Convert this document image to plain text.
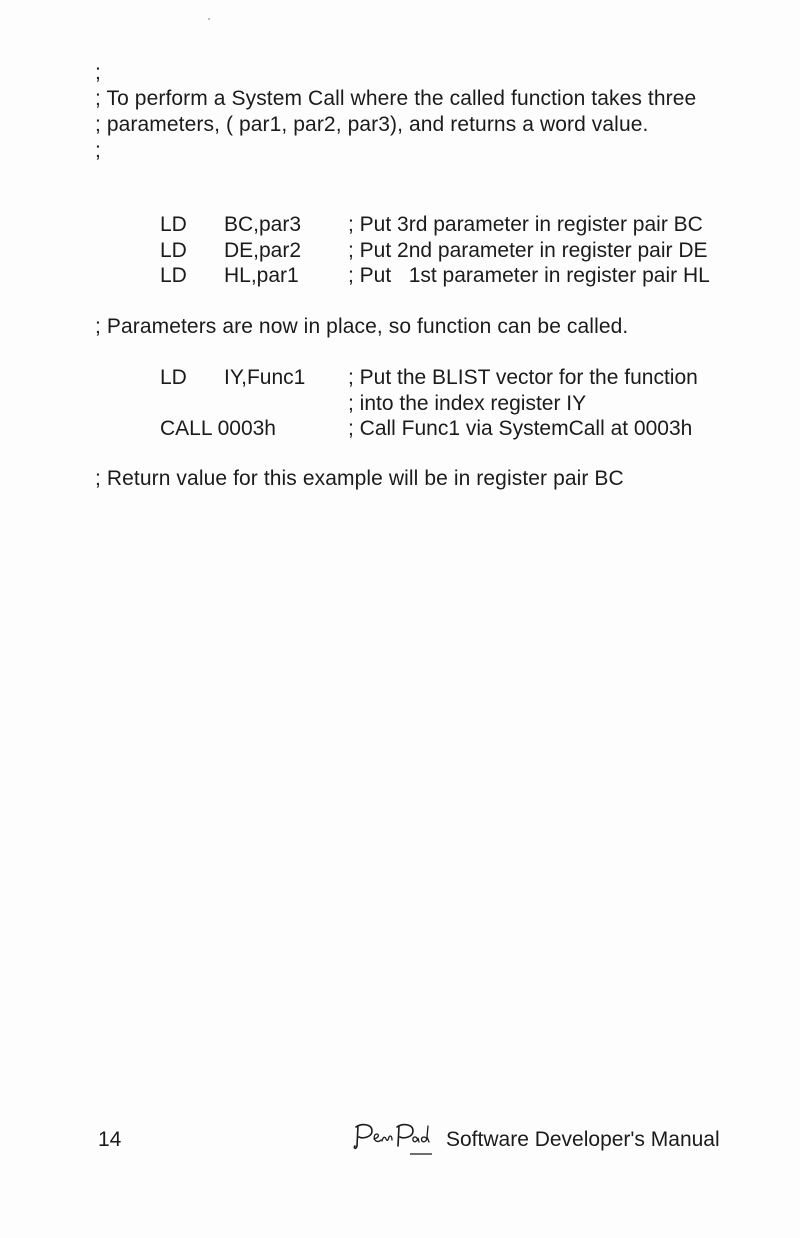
;
; To perform a System Call where the called function takes three
; parameters, ( par1, par2, par3), and returns a word value.
;

LD

BC,par3

; Put 3rd parameter in register pair BC

LD

DE,par2

; Put 2nd parameter in register pair DE

LD

HL,par1

; Put   1st parameter in register pair HL

; Parameters are now in place, so function can be called.

LD

IY,Func1

; Put the BLIST vector for the function

; into the index register IY

CALL 0003h

	; Call Func1 via SystemCall at 0003h

; Return value for this example will be in register pair BC
14	Software Developer's Manual
